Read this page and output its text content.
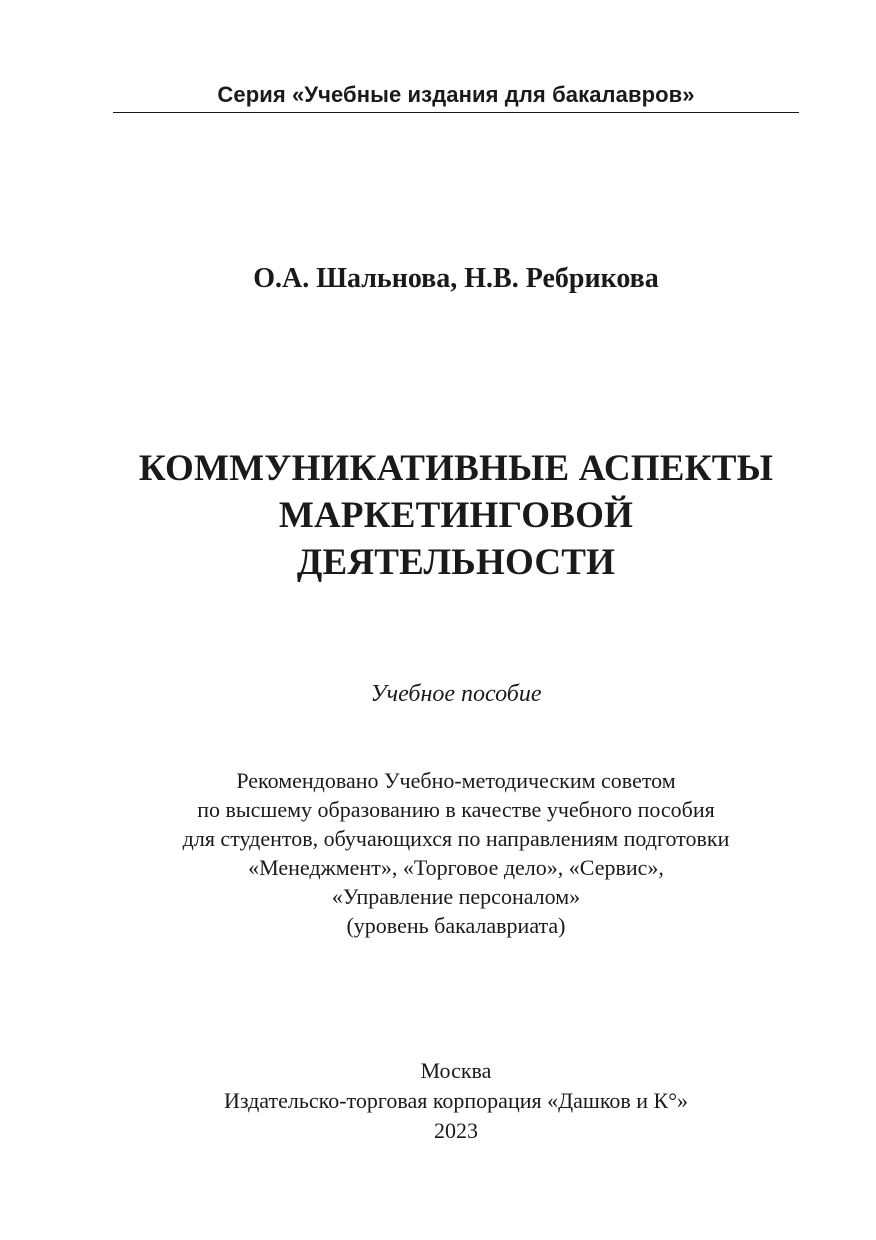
Серия «Учебные издания для бакалавров»
О.А. Шальнова, Н.В. Ребрикова
КОММУНИКАТИВНЫЕ АСПЕКТЫ
МАРКЕТИНГОВОЙ
ДЕЯТЕЛЬНОСТИ
Учебное пособие
Рекомендовано Учебно-методическим советом
по высшему образованию в качестве учебного пособия
для студентов, обучающихся по направлениям подготовки
«Менеджмент», «Торговое дело», «Сервис»,
«Управление персоналом»
(уровень бакалавриата)
Москва
Издательско-торговая корпорация «Дашков и К°»
2023
